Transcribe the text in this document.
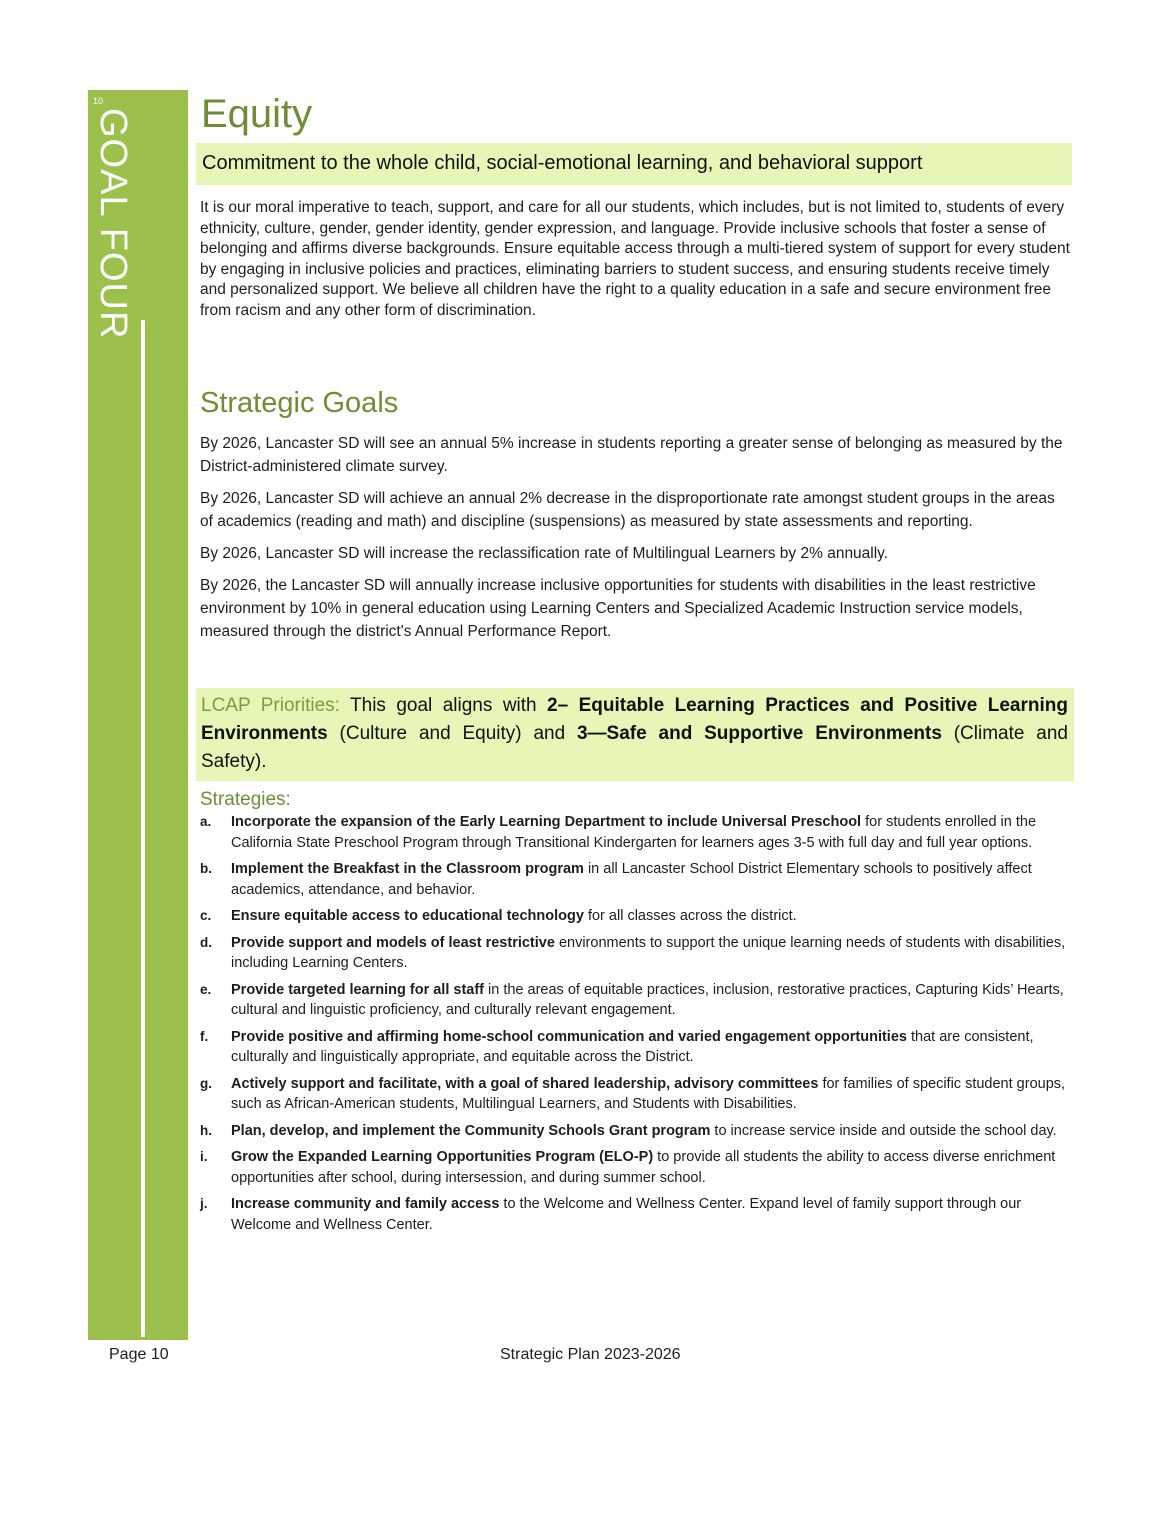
10
GOAL FOUR Equity
Commitment to the whole child, social-emotional learning, and behavioral support

It is our moral imperative to teach, support, and care for all our students, which includes, but is not limited to, students of every ethnicity, culture, gender, gender identity, gender expression, and language. Provide inclusive schools that foster a sense of belonging and affirms diverse backgrounds. Ensure equitable access through a multi-tiered system of support for every student by engaging in inclusive policies and practices, eliminating barriers to student success, and ensuring students receive timely and personalized support. We believe all children have the right to a quality education in a safe and secure environment free from racism and any other form of discrimination.

Strategic Goals
By 2026, Lancaster SD will see an annual 5% increase in students reporting a greater sense of belonging as measured by the District-administered climate survey.
By 2026, Lancaster SD will achieve an annual 2% decrease in the disproportionate rate amongst student groups in the areas of academics (reading and math) and discipline (suspensions) as measured by state assessments and reporting.
By 2026, Lancaster SD will increase the reclassification rate of Multilingual Learners by 2% annually.
By 2026, the Lancaster SD will annually increase inclusive opportunities for students with disabilities in the least restrictive environment by 10% in general education using Learning Centers and Specialized Academic Instruction service models, measured through the district's Annual Performance Report.
LCAP Priorities: This goal aligns with 2– Equitable Learning Practices and Positive Learning Environments (Culture and Equity) and 3—Safe and Supportive Environments (Climate and Safety).
Strategies:
a. Incorporate the expansion of the Early Learning Department to include Universal Preschool for students enrolled in the California State Preschool Program through Transitional Kindergarten for learners ages 3-5 with full day and full year options.
b. Implement the Breakfast in the Classroom program in all Lancaster School District Elementary schools to positively affect academics, attendance, and behavior.
c. Ensure equitable access to educational technology for all classes across the district.
d. Provide support and models of least restrictive environments to support the unique learning needs of students with disabilities, including Learning Centers.
e. Provide targeted learning for all staff in the areas of equitable practices, inclusion, restorative practices, Capturing Kids’ Hearts, cultural and linguistic proficiency, and culturally relevant engagement.
f. Provide positive and affirming home-school communication and varied engagement opportunities that are consistent, culturally and linguistically appropriate, and equitable across the District.
g. Actively support and facilitate, with a goal of shared leadership, advisory committees for families of specific student groups, such as African-American students, Multilingual Learners, and Students with Disabilities.
h. Plan, develop, and implement the Community Schools Grant program to increase service inside and outside the school day.
i. Grow the Expanded Learning Opportunities Program (ELO-P) to provide all students the ability to access diverse enrichment opportunities after school, during intersession, and during summer school.
j. Increase community and family access to the Welcome and Wellness Center. Expand level of family support through our Welcome and Wellness Center.
Page 10	Strategic Plan 2023-2026
